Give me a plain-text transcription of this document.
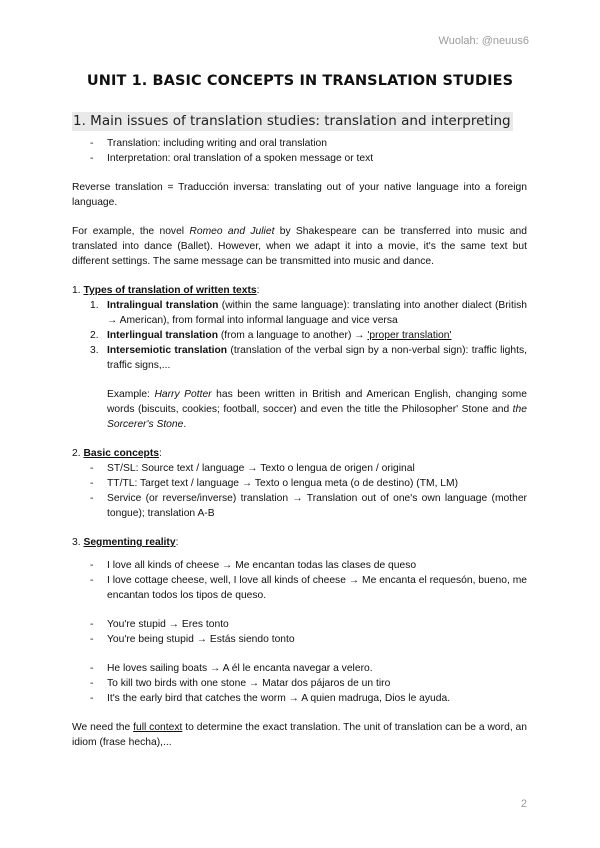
Wuolah: @neuus6
UNIT 1. BASIC CONCEPTS IN TRANSLATION STUDIES
1. Main issues of translation studies: translation and interpreting
- Translation: including writing and oral translation
- Interpretation: oral translation of a spoken message or text

Reverse translation = Traducción inversa: translating out of your native language into a foreign language.

For example, the novel Romeo and Juliet by Shakespeare can be transferred into music and translated into dance (Ballet). However, when we adapt it into a movie, it's the same text but different settings. The same message can be transmitted into music and dance.

1. Types of translation of written texts:

1. Intralingual translation (within the same language): translating into another dialect (British → American), from formal into informal language and vice versa
2. Interlingual translation (from a language to another) → 'proper translation'
3. Intersemiotic translation (translation of the verbal sign by a non-verbal sign): traffic lights, traffic signs,...

Example: Harry Potter has been written in British and American English, changing some words (biscuits, cookies; football, soccer) and even the title the Philosopher' Stone and the Sorcerer's Stone.

2. Basic concepts:

- ST/SL: Source text / language → Texto o lengua de origen / original
- TT/TL: Target text / language → Texto o lengua meta (o de destino) (TM, LM)
- Service (or reverse/inverse) translation → Translation out of one's own language (mother tongue); translation A-B

3. Segmenting reality:

- I love all kinds of cheese → Me encantan todas las clases de queso
- I love cottage cheese, well, I love all kinds of cheese → Me encanta el requesón, bueno, me encantan todos los tipos de queso.
- You're stupid → Eres tonto
- You're being stupid → Estás siendo tonto
- He loves sailing boats → A él le encanta navegar a velero.
- To kill two birds with one stone → Matar dos pájaros de un tiro
- It's the early bird that catches the worm → A quien madruga, Dios le ayuda.

We need the full context to determine the exact translation. The unit of translation can be a word, an idiom (frase hecha),...

2
